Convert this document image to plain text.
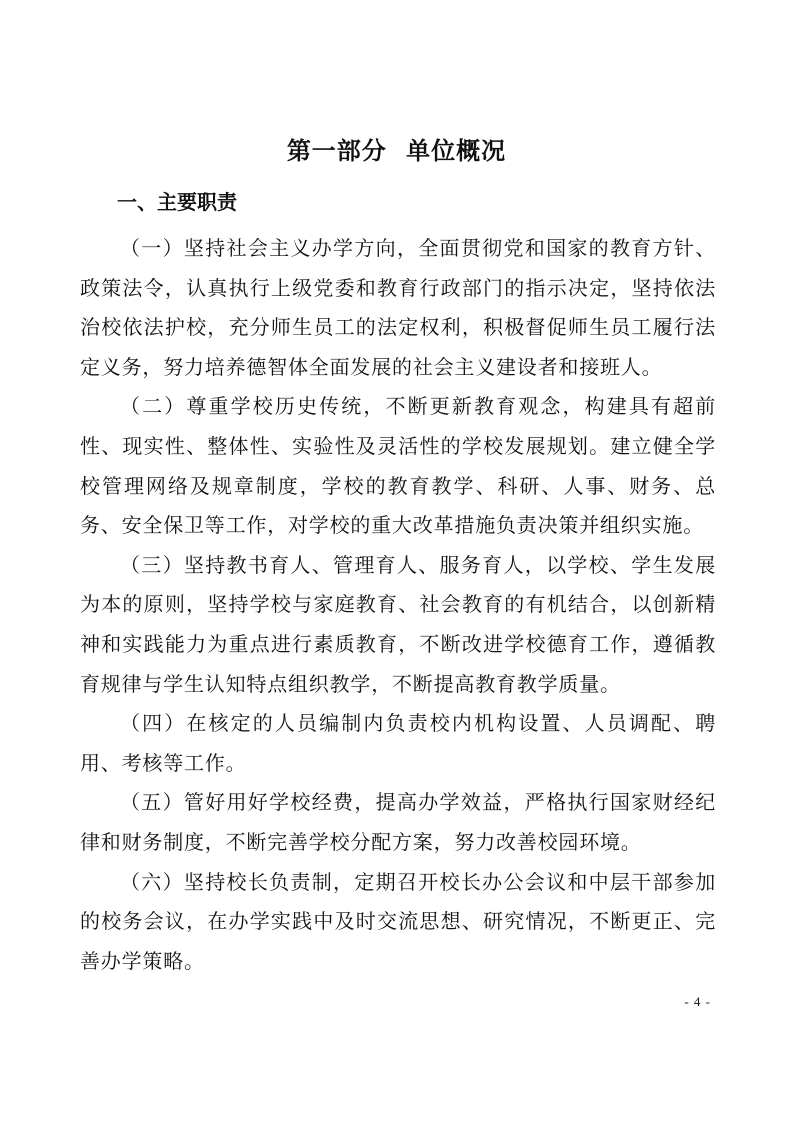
第一部分 单位概况
一、主要职责

（一）坚持社会主义办学方向，全面贯彻党和国家的教育方针、政策法令，认真执行上级党委和教育行政部门的指示决定，坚持依法治校依法护校，充分师生员工的法定权利，积极督促师生员工履行法定义务，努力培养德智体全面发展的社会主义建设者和接班人。

（二）尊重学校历史传统，不断更新教育观念，构建具有超前性、现实性、整体性、实验性及灵活性的学校发展规划。建立健全学校管理网络及规章制度，学校的教育教学、科研、人事、财务、总务、安全保卫等工作，对学校的重大改革措施负责决策并组织实施。

（三）坚持教书育人、管理育人、服务育人，以学校、学生发展为本的原则，坚持学校与家庭教育、社会教育的有机结合，以创新精神和实践能力为重点进行素质教育，不断改进学校德育工作，遵循教育规律与学生认知特点组织教学，不断提高教育教学质量。

（四）在核定的人员编制内负责校内机构设置、人员调配、聘用、考核等工作。

（五）管好用好学校经费，提高办学效益，严格执行国家财经纪律和财务制度，不断完善学校分配方案，努力改善校园环境。

（六）坚持校长负责制，定期召开校长办公会议和中层干部参加的校务会议，在办学实践中及时交流思想、研究情况，不断更正、完善办学策略。

- 4 -
